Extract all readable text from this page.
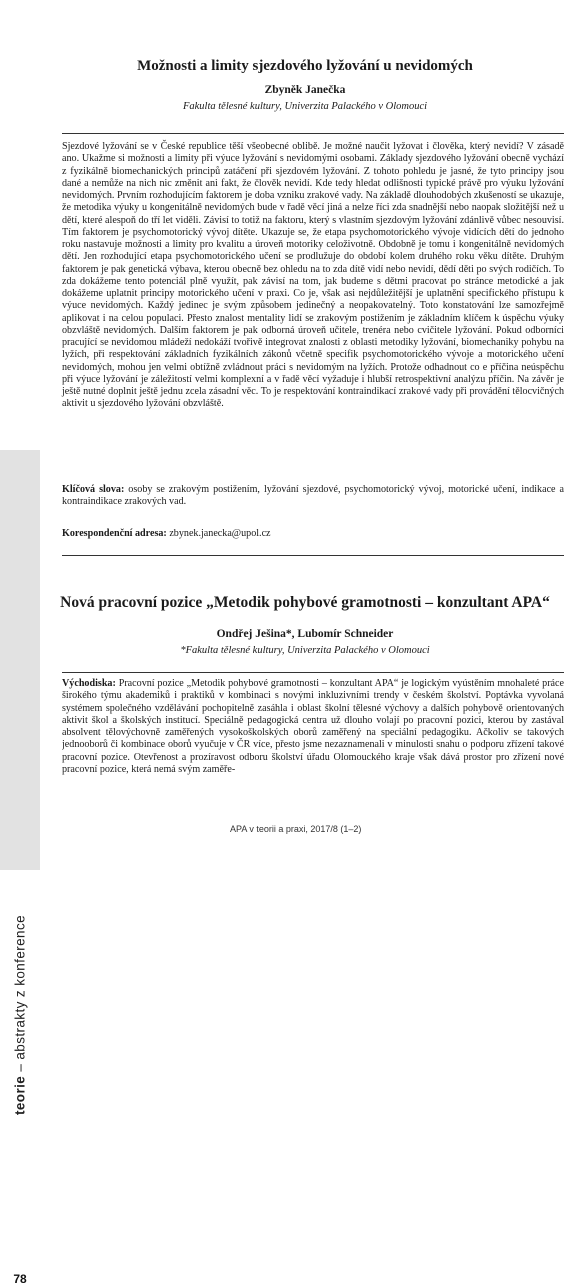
teorie – abstrakty z konference
78
APA v teorii a praxi, 2017/8 (1–2)
Možnosti a limity sjezdového lyžování u nevidomých

Zbyněk Janečka

Fakulta tělesné kultury, Univerzita Palackého v Olomouci

Sjezdové lyžování se v České republice těší všeobecné oblibě. Je možné naučit lyžovat i člověka, který nevidí? V zásadě ano. Ukažme si možnosti a limity při výuce lyžování s nevidomými osobami. Základy sjezdového lyžování obecně vychází z fyzikálně biomechanických principů zatáčení při sjezdovém lyžování. Z tohoto pohledu je jasné, že tyto principy jsou dané a nemůže na nich nic změnit ani fakt, že člověk nevidí. Kde tedy hledat odlišnosti typické právě pro výuku lyžování nevidomých. Prvním rozhodujícím faktorem je doba vzniku zrakové vady. Na základě dlouhodobých zkušeností se ukazuje, že metodika výuky u kongenitálně nevidomých bude v řadě věcí jiná a nelze říci zda snadnější nebo naopak složitější než u dětí, které alespoň do tří let viděli. Závisí to totiž na faktoru, který s vlastním sjezdovým lyžování zdánlivě vůbec nesouvisí. Tím faktorem je psychomotorický vývoj dítěte. Ukazuje se, že etapa psychomotorického vývoje vidících dětí do jednoho roku nastavuje možnosti a limity pro kvalitu a úroveň motoriky celoživotně. Obdobně je tomu i kongenitálně nevidomých dětí. Jen rozhodující etapa psychomotorického učení se prodlužuje do období kolem druhého roku věku dítěte. Druhým faktorem je pak genetická výbava, kterou obecně bez ohledu na to zda dítě vidí nebo nevidí, dědí děti po svých rodičích. To zda dokážeme tento potenciál plně využít, pak závisí na tom, jak budeme s dětmi pracovat po stránce metodické a jak dokážeme uplatnit principy motorického učení v praxi. Co je, však asi nejdůležitější je uplatnění specifického přístupu k výuce nevidomých. Každý jedinec je svým způsobem jedinečný a neopakovatelný. Toto konstatování lze samozřejmě aplikovat i na celou populaci. Přesto znalost mentality lidí se zrakovým postižením je základním klíčem k úspěchu výuky obzvláště nevidomých. Dalším faktorem je pak odborná úroveň učitele, trenéra nebo cvičitele lyžování. Pokud odborníci pracující se nevidomou mládeží nedokáží tvořivě integrovat znalosti z oblasti metodiky lyžování, biomechaniky pohybu na lyžích, při respektování základních fyzikálních zákonů včetně specifik psychomotorického vývoje a motorického učení nevidomých, mohou jen velmi obtížně zvládnout práci s nevidomým na lyžích. Protože odhadnout co e příčina neúspěchu při výuce lyžování je záležitostí velmi komplexní a v řadě věcí vyžaduje i hlubší retrospektivní analýzu příčin. Na závěr je ještě nutné doplnit ještě jednu zcela zásadní věc. To je respektování kontraindikací zrakové vady při provádění tělocvičných aktivit u sjezdového lyžování obzvláště.

Klíčová slova: osoby se zrakovým postižením, lyžování sjezdové, psychomotorický vývoj, motorické učení, indikace a kontraindikace zrakových vad.

Korespondenční adresa: zbynek.janecka@upol.cz

Nová pracovní pozice „Metodik pohybové gramotnosti – konzultant APA“

Ondřej Ješina*, Lubomír Schneider

*Fakulta tělesné kultury, Univerzita Palackého v Olomouci

Východiska: Pracovní pozice „Metodik pohybové gramotnosti – konzultant APA“ je logickým vyústěním mnohaleté práce širokého týmu akademiků i praktiků v kombinaci s novými inkluzivními trendy v českém školství. Poptávka vyvolaná systémem společného vzdělávání pochopitelně zasáhla i oblast školní tělesné výchovy a dalších pohybově orientovaných aktivit škol a školských institucí. Speciálně pedagogická centra už dlouho volají po pracovní pozici, kterou by zastával absolvent tělovýchovně zaměřených vysokoškolských oborů zaměřený na speciální pedagogiku. Ačkoliv se takových jednooborů či kombinace oborů vyučuje v ČR více, přesto jsme nezaznamenali v minulosti snahu o podporu zřízení takové pracovní pozice. Otevřenost a prozíravost odboru školství úřadu Olomouckého kraje však dává prostor pro zřízení nové pracovní pozice, která nemá svým zaměře-
